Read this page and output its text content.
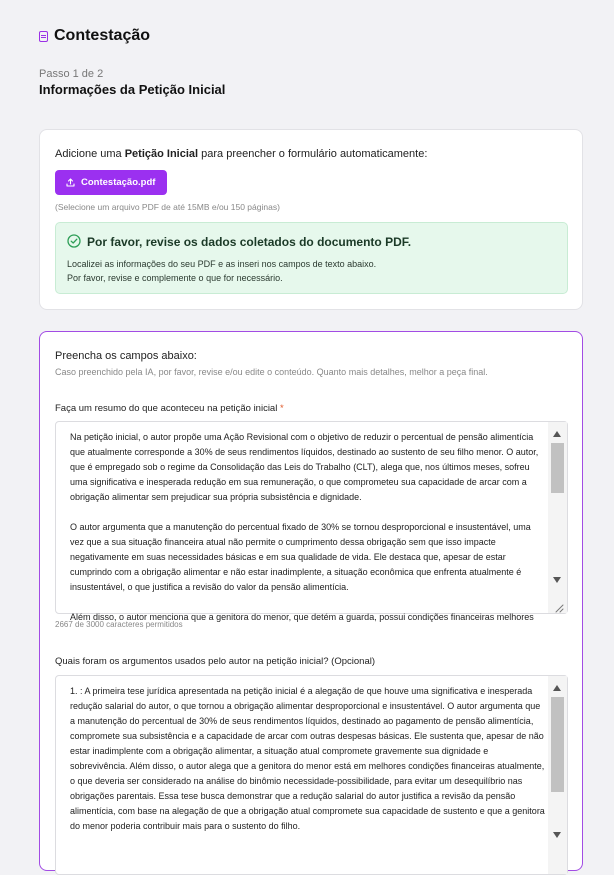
Contestação
Passo 1 de 2
Informações da Petição Inicial
Adicione uma Petição Inicial para preencher o formulário automaticamente:
Contestação.pdf
(Selecione um arquivo PDF de até 15MB e/ou 150 páginas)
Por favor, revise os dados coletados do documento PDF.
Localizei as informações do seu PDF e as inseri nos campos de texto abaixo.
Por favor, revise e complemente o que for necessário.
Preencha os campos abaixo:
Caso preenchido pela IA, por favor, revise e/ou edite o conteúdo. Quanto mais detalhes, melhor a peça final.
Faça um resumo do que aconteceu na petição inicial *

Na petição inicial, o autor propõe uma Ação Revisional com o objetivo de reduzir o percentual de pensão alimentícia que atualmente corresponde a 30% de seus rendimentos líquidos, destinado ao sustento de seu filho menor. O autor, que é empregado sob o regime da Consolidação das Leis do Trabalho (CLT), alega que, nos últimos meses, sofreu uma significativa e inesperada redução em sua remuneração, o que comprometeu sua capacidade de arcar com a obrigação alimentar sem prejudicar sua própria subsistência e dignidade.

O autor argumenta que a manutenção do percentual fixado de 30% se tornou desproporcional e insustentável, uma vez que a sua situação financeira atual não permite o cumprimento dessa obrigação sem que isso impacte negativamente em suas necessidades básicas e em sua qualidade de vida. Ele destaca que, apesar de estar cumprindo com a obrigação alimentar e não estar inadimplente, a situação econômica que enfrenta atualmente é insustentável, o que justifica a revisão do valor da pensão alimentícia.

Além disso, o autor menciona que a genitora do menor, que detém a guarda, possui condições financeiras melhores

2667 de 3000 caracteres permitidos
Quais foram os argumentos usados pelo autor na petição inicial? (Opcional)
1. : A primeira tese jurídica apresentada na petição inicial é a alegação de que houve uma significativa e inesperada redução salarial do autor, o que tornou a obrigação alimentar desproporcional e insustentável. O autor argumenta que a manutenção do percentual de 30% de seus rendimentos líquidos, destinado ao pagamento de pensão alimentícia, compromete sua subsistência e a capacidade de arcar com outras despesas básicas. Ele sustenta que, apesar de não estar inadimplente com a obrigação alimentar, a situação atual compromete gravemente sua dignidade e sobrevivência. Além disso, o autor alega que a genitora do menor está em melhores condições financeiras atualmente, o que deveria ser considerado na análise do binômio necessidade-possibilidade, para evitar um desequilíbrio nas obrigações parentais. Essa tese busca demonstrar que a redução salarial do autor justifica a revisão da pensão alimentícia, com base na alegação de que a obrigação atual compromete sua capacidade de sustento e que a genitora do menor poderia contribuir mais para o sustento do filho.
